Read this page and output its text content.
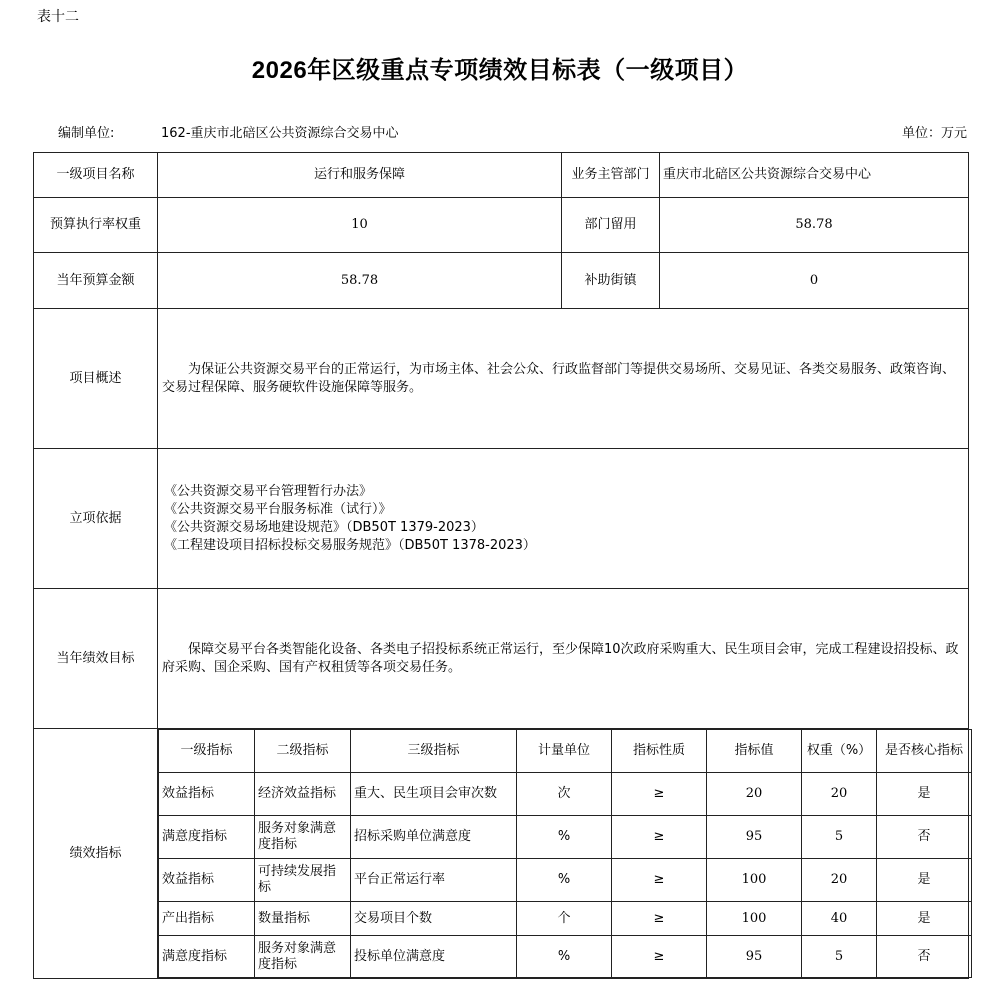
表十二
2026年区级重点专项绩效目标表（一级项目）
编制单位:	162-重庆市北碚区公共资源综合交易中心	单位：万元
一级项目名称	运行和服务保障	业务主管部门	重庆市北碚区公共资源综合交易中心
预算执行率权重	10	部门留用	58.78
当年预算金额	58.78	补助街镇	0
项目概述	为保证公共资源交易平台的正常运行，为市场主体、社会公众、行政监督部门等提供交易场所、交易见证、各类交易服务、政策咨询、交易过程保障、服务硬软件设施保障等服务。
立项依据	
《公共资源交易平台管理暂行办法》
《公共资源交易平台服务标准（试行）》
《公共资源交易场地建设规范》（DB50T 1379-2023）
《工程建设项目招标投标交易服务规范》（DB50T 1378-2023）

当年绩效目标	保障交易平台各类智能化设备、各类电子招投标系统正常运行，至少保障10次政府采购重大、民生项目会审，完成工程建设招投标、政府采购、国企采购、国有产权租赁等各项交易任务。
绩效指标	
一级指标	二级指标	三级指标	计量单位	指标性质	指标值	权重（%）	是否核心指标
效益指标	经济效益指标	重大、民生项目会审次数	次	≥	20	20	是
满意度指标	服务对象满意度指标	招标采购单位满意度	%	≥	95	5	否
效益指标	可持续发展指标	平台正常运行率	%	≥	100	20	是
产出指标	数量指标	交易项目个数	个	≥	100	40	是
满意度指标	服务对象满意度指标	投标单位满意度	%	≥	95	5	否
